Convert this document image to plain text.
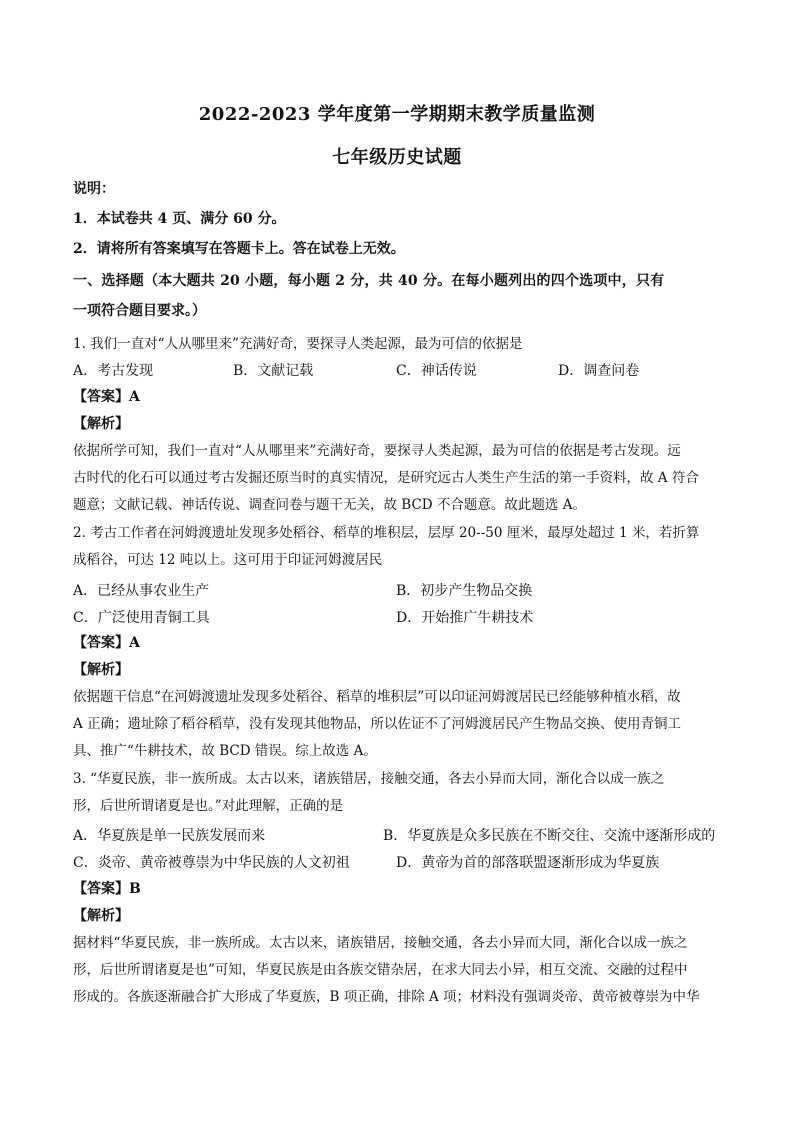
2022-2023 学年度第一学期期末教学质量监测
七年级历史试题
说明：
1．本试卷共 4 页、满分 60 分。
2．请将所有答案填写在答题卡上。答在试卷上无效。
一、选择题（本大题共 20 小题，每小题 2 分，共 40 分。在每小题列出的四个选项中，只有
一项符合题目要求。）
1. 我们一直对“人从哪里来”充满好奇，要探寻人类起源，最为可信的依据是
A．考古发现	B．文献记载	C．神话传说	D．调查问卷
【答案】A
【解析】
依据所学可知，我们一直对“人从哪里来”充满好奇，要探寻人类起源，最为可信的依据是考古发现。远
古时代的化石可以通过考古发掘还原当时的真实情况，是研究远古人类生产生活的第一手资料，故 A 符合
题意；文献记载、神话传说、调查问卷与题干无关，故 BCD 不合题意。故此题选 A。
2. 考古工作者在河姆渡遗址发现多处稻谷、稻草的堆积层，层厚 20--50 厘米，最厚处超过 1 米，若折算
成稻谷，可达 12 吨以上。这可用于印证河姆渡居民
A．已经从事农业生产	B．初步产生物品交换
C．广泛使用青铜工具	D．开始推广牛耕技术
【答案】A
【解析】
依据题干信息“在河姆渡遗址发现多处稻谷、稻草的堆积层”可以印证河姆渡居民已经能够种植水稻，故
A 正确；遗址除了稻谷稻草，没有发现其他物品，所以佐证不了河姆渡居民产生物品交换、使用青铜工
具、推广“牛耕技术，故 BCD 错误。综上故选 A。
3. “华夏民族，非一族所成。太古以来，诸族错居，接触交通，各去小异而大同，渐化合以成一族之
形，后世所谓诸夏是也。”对此理解，正确的是
A．华夏族是单一民族发展而来	B．华夏族是众多民族在不断交往、交流中逐渐形成的
C．炎帝、黄帝被尊崇为中华民族的人文初祖	D．黄帝为首的部落联盟逐渐形成为华夏族
【答案】B
【解析】
据材料“华夏民族，非一族所成。太古以来，诸族错居，接触交通，各去小异而大同，渐化合以成一族之
形，后世所谓诸夏是也”可知，华夏民族是由各族交错杂居，在求大同去小异，相互交流、交融的过程中
形成的。各族逐渐融合扩大形成了华夏族，B 项正确，排除 A 项；材料没有强调炎帝、黄帝被尊崇为中华
